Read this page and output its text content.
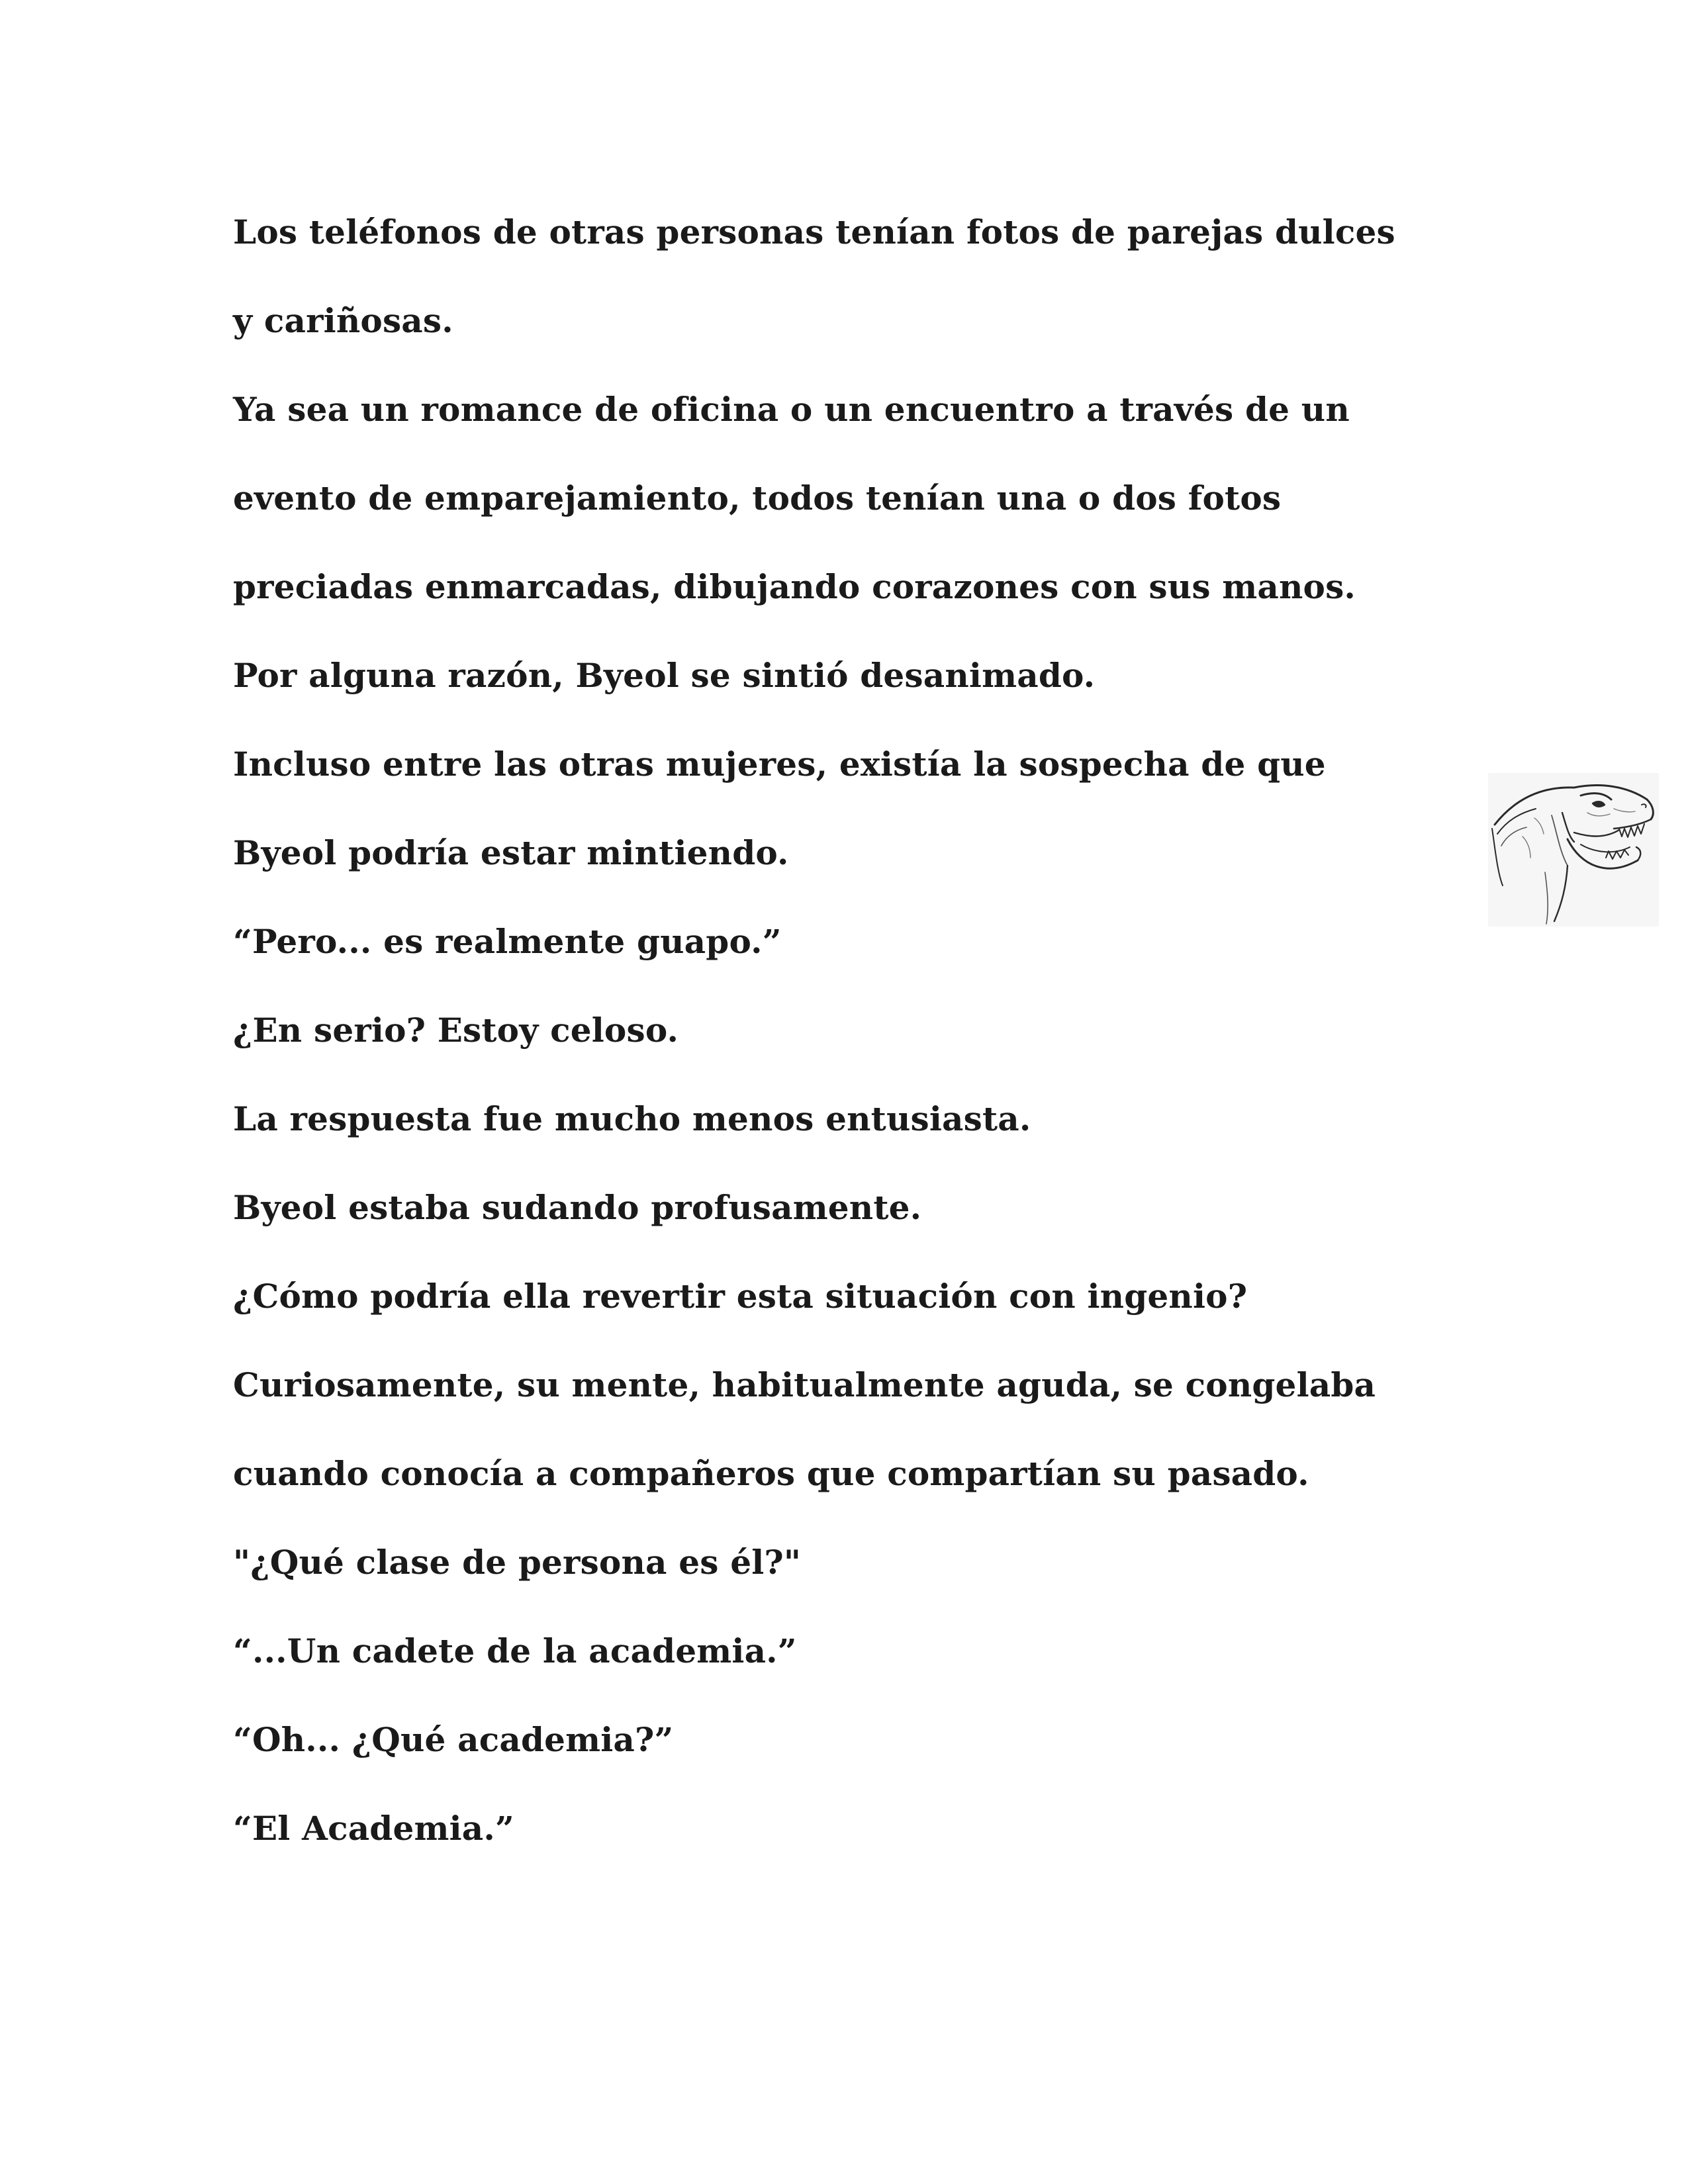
Los teléfonos de otras personas tenían fotos de parejas dulces
y cariñosas.
Ya sea un romance de oficina o un encuentro a través de un
evento de emparejamiento, todos tenían una o dos fotos
preciadas enmarcadas, dibujando corazones con sus manos.
Por alguna razón, Byeol se sintió desanimado.
Incluso entre las otras mujeres, existía la sospecha de que
Byeol podría estar mintiendo.
“Pero... es realmente guapo.”
¿En serio? Estoy celoso.
La respuesta fue mucho menos entusiasta.
Byeol estaba sudando profusamente.
¿Cómo podría ella revertir esta situación con ingenio?
Curiosamente, su mente, habitualmente aguda, se congelaba
cuando conocía a compañeros que compartían su pasado.
"¿Qué clase de persona es él?"
“...Un cadete de la academia.”
“Oh... ¿Qué academia?”
“El Academia.”
